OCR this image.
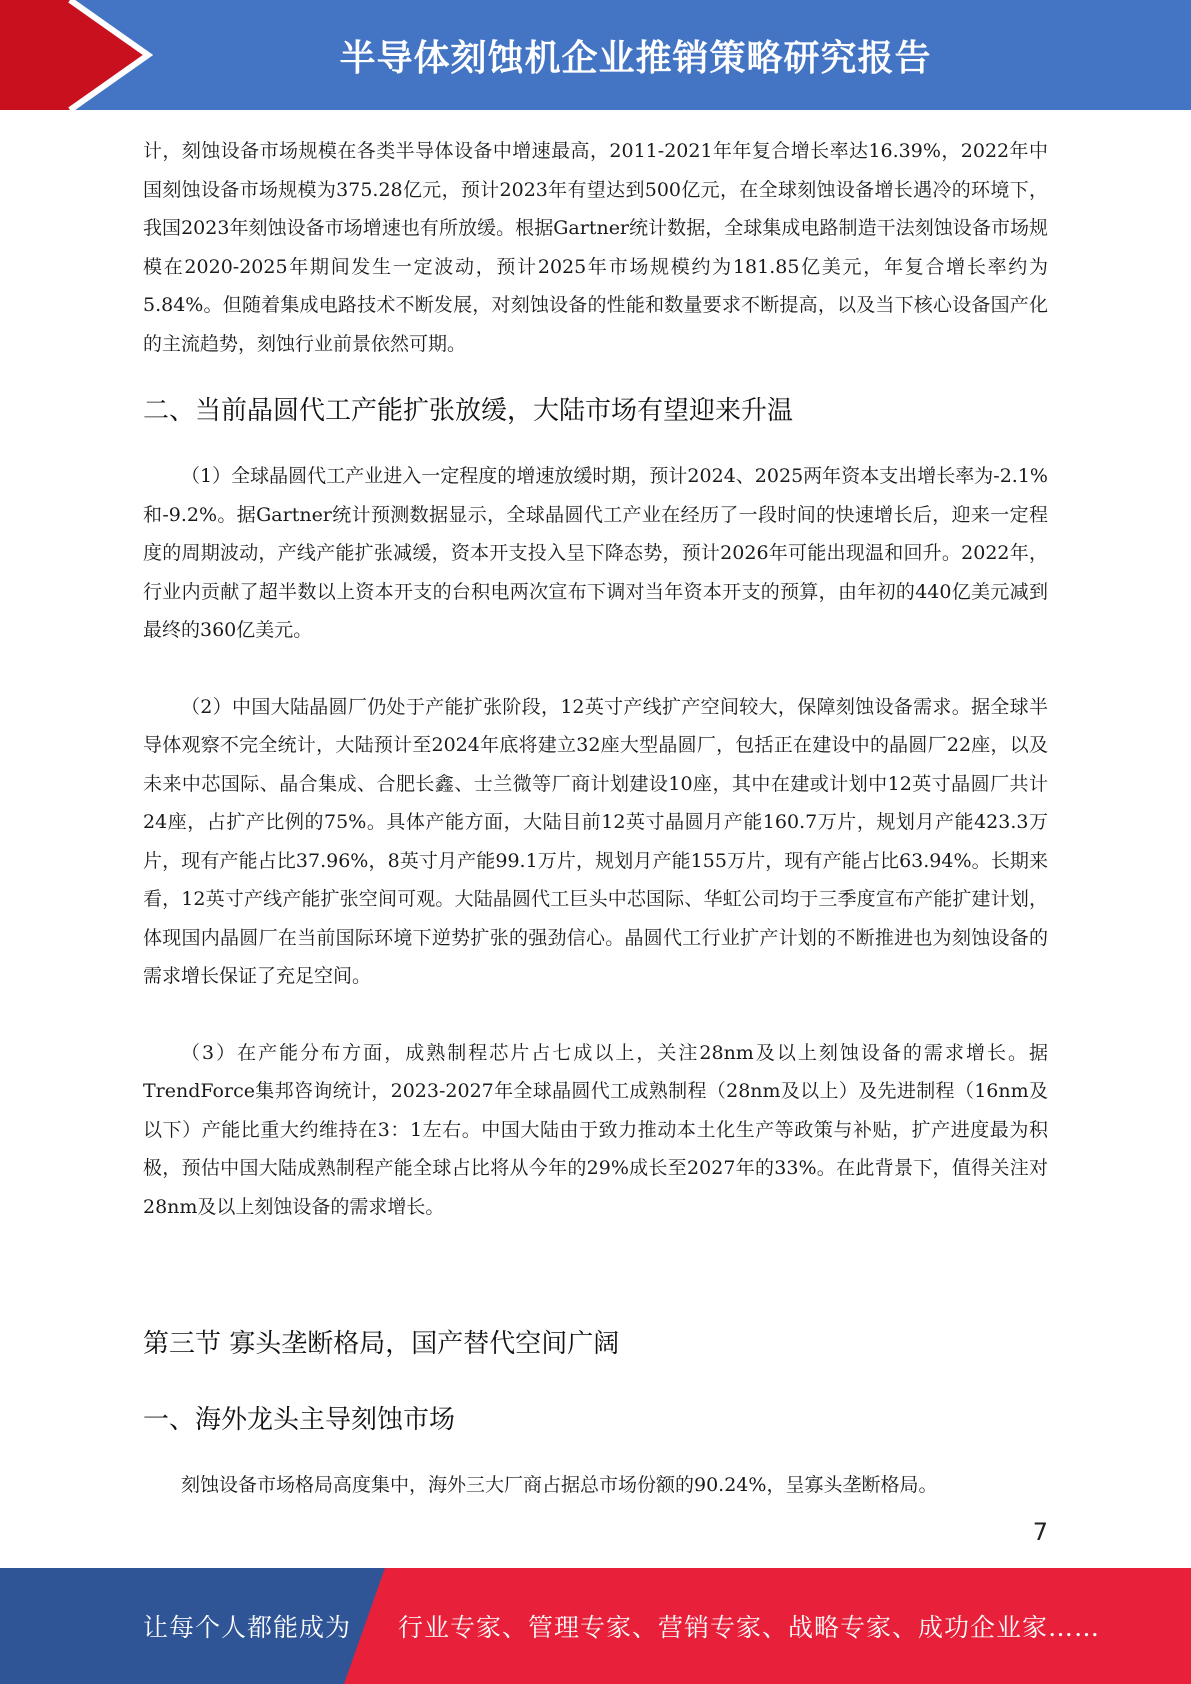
半导体刻蚀机企业推销策略研究报告

计，刻蚀设备市场规模在各类半导体设备中增速最高，2011-2021年年复合增长率达16.39%，2022年中国刻蚀设备市场规模为375.28亿元，预计2023年有望达到500亿元，在全球刻蚀设备增长遇冷的环境下，我国2023年刻蚀设备市场增速也有所放缓。根据Gartner统计数据，全球集成电路制造干法刻蚀设备市场规模在2020-2025年期间发生一定波动，预计2025年市场规模约为181.85亿美元，年复合增长率约为5.84%。但随着集成电路技术不断发展，对刻蚀设备的性能和数量要求不断提高，以及当下核心设备国产化的主流趋势，刻蚀行业前景依然可期。

二、当前晶圆代工产能扩张放缓，大陆市场有望迎来升温

（1）全球晶圆代工产业进入一定程度的增速放缓时期，预计2024、2025两年资本支出增长率为-2.1%和-9.2%。据Gartner统计预测数据显示，全球晶圆代工产业在经历了一段时间的快速增长后，迎来一定程度的周期波动，产线产能扩张减缓，资本开支投入呈下降态势，预计2026年可能出现温和回升。2022年，行业内贡献了超半数以上资本开支的台积电两次宣布下调对当年资本开支的预算，由年初的440亿美元减到最终的360亿美元。

（2）中国大陆晶圆厂仍处于产能扩张阶段，12英寸产线扩产空间较大，保障刻蚀设备需求。据全球半导体观察不完全统计，大陆预计至2024年底将建立32座大型晶圆厂，包括正在建设中的晶圆厂22座，以及未来中芯国际、晶合集成、合肥长鑫、士兰微等厂商计划建设10座，其中在建或计划中12英寸晶圆厂共计24座，占扩产比例的75%。具体产能方面，大陆目前12英寸晶圆月产能160.7万片，规划月产能423.3万片，现有产能占比37.96%，8英寸月产能99.1万片，规划月产能155万片，现有产能占比63.94%。长期来看，12英寸产线产能扩张空间可观。大陆晶圆代工巨头中芯国际、华虹公司均于三季度宣布产能扩建计划，体现国内晶圆厂在当前国际环境下逆势扩张的强劲信心。晶圆代工行业扩产计划的不断推进也为刻蚀设备的需求增长保证了充足空间。

（3）在产能分布方面，成熟制程芯片占七成以上，关注28nm及以上刻蚀设备的需求增长。据TrendForce集邦咨询统计，2023-2027年全球晶圆代工成熟制程（28nm及以上）及先进制程（16nm及以下）产能比重大约维持在3：1左右。中国大陆由于致力推动本土化生产等政策与补贴，扩产进度最为积极，预估中国大陆成熟制程产能全球占比将从今年的29%成长至2027年的33%。在此背景下，值得关注对28nm及以上刻蚀设备的需求增长。

第三节 寡头垄断格局，国产替代空间广阔
一、海外龙头主导刻蚀市场

刻蚀设备市场格局高度集中，海外三大厂商占据总市场份额的90.24%，呈寡头垄断格局。

7
让每个人都能成为 行业专家、管理专家、营销专家、战略专家、成功企业家……
